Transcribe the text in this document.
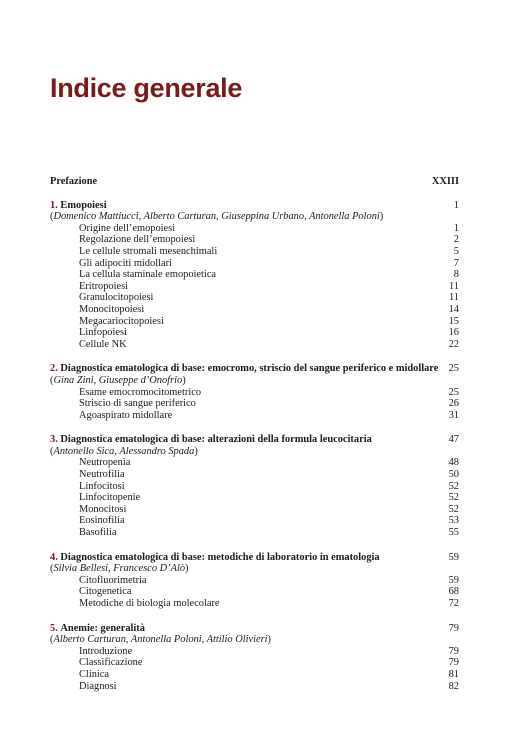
Indice generale
Prefazione	XXIII
1. Emopoiesi	1
(Domenico Mattiucci, Alberto Carturan, Giuseppina Urbano, Antonella Poloni)
Origine dell’emopoiesi	1
Regolazione dell’emopoiesi	2
Le cellule stromali mesenchimali	5
Gli adipociti midollari	7
La cellula staminale emopoietica	8
Eritropoiesi	11
Granulocitopoiesi	11
Monocitopoiesi	14
Megacariocitopoiesi	15
Linfopoiesi	16
Cellule NK	22
2. Diagnostica ematologica di base: emocromo, striscio del sangue periferico e midollare 25
(Gina Zini, Giuseppe d’Onofrio)
Esame emocromocitometrico	25
Striscio di sangue periferico	26
Agoaspirato midollare	31
3. Diagnostica ematologica di base: alterazioni della formula leucocitaria	47
(Antonello Sica, Alessandro Spada)
Neutropenia	48
Neutrofilia	50
Linfocitosi	52
Linfocitopenie	52
Monocitosi	52
Eosinofilia	53
Basofilia	55
4. Diagnostica ematologica di base: metodiche di laboratorio in ematologia	59
(Silvia Bellesi, Francesco D’Alò)
Citofluorimetria	59
Citogenetica	68
Metodiche di biologia molecolare	72
5. Anemie: generalità	79
(Alberto Carturan, Antonella Poloni, Attilio Olivieri)
Introduzione	79
Classificazione	79
Clinica	81
Diagnosi	82
